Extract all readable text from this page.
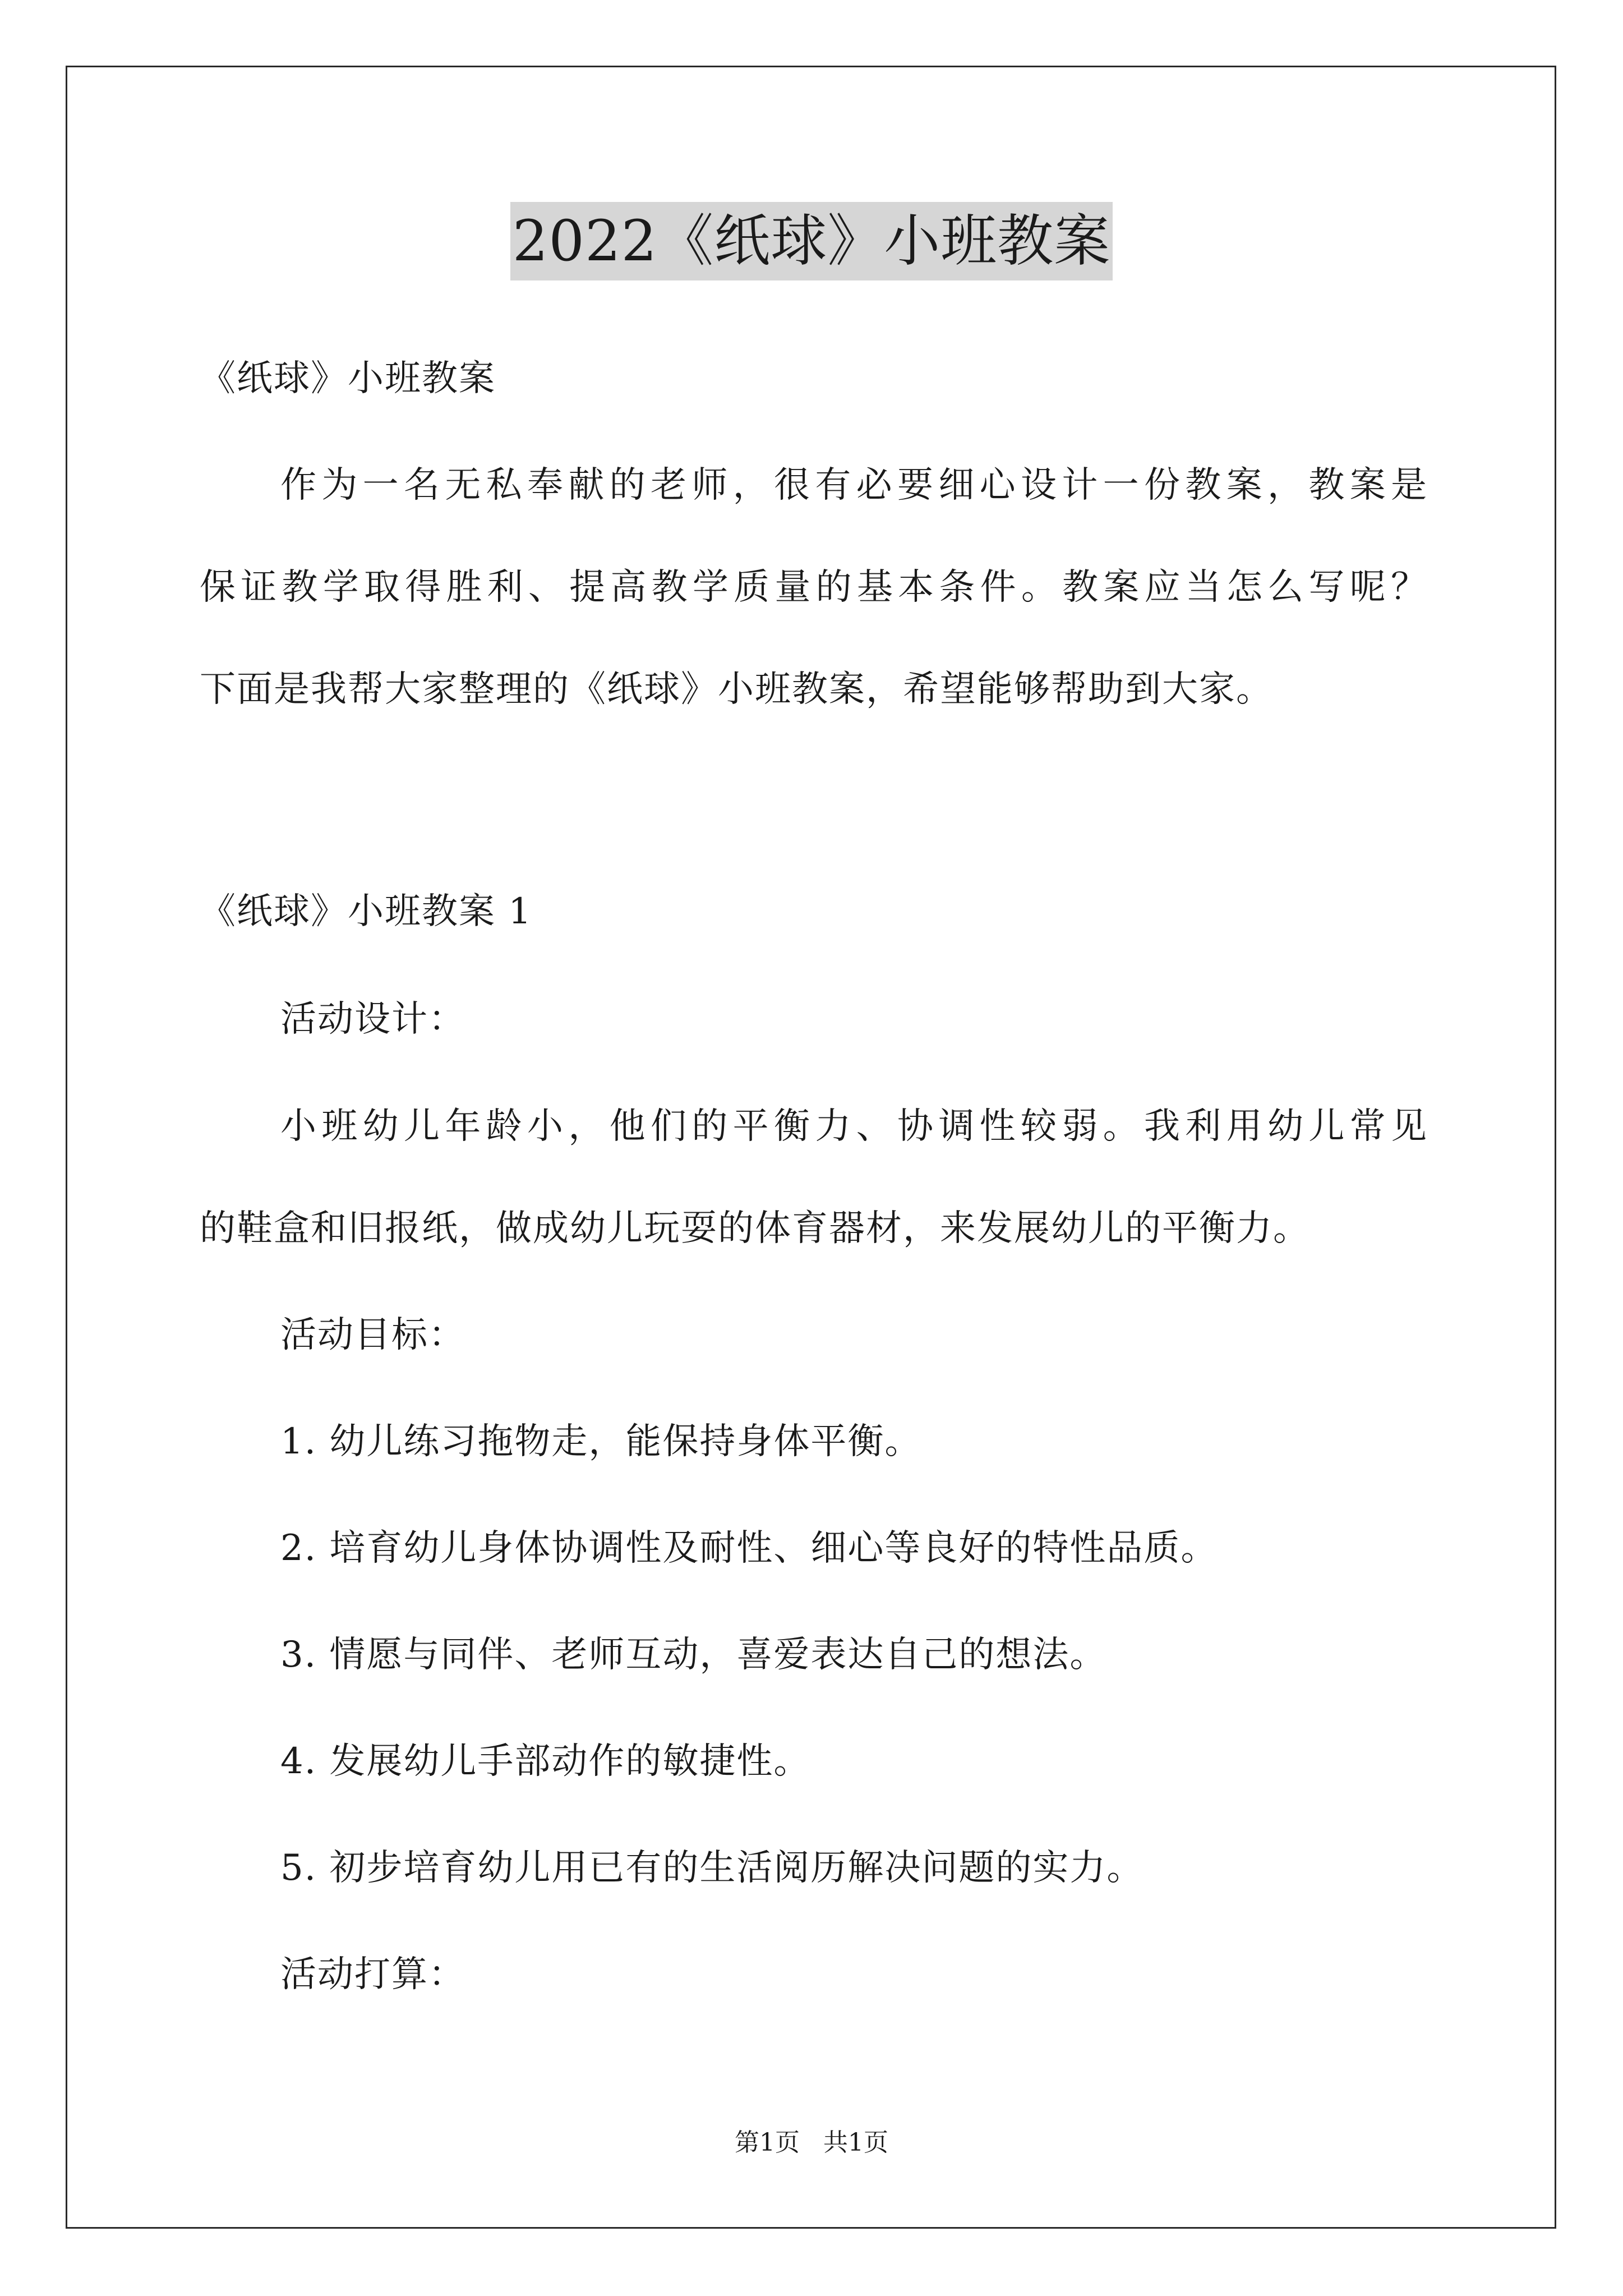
2022《纸球》小班教案
《纸球》小班教案
作为一名无私奉献的老师，很有必要细心设计一份教案，教案是
保证教学取得胜利、提高教学质量的基本条件。教案应当怎么写呢？
下面是我帮大家整理的《纸球》小班教案，希望能够帮助到大家。
《纸球》小班教案 1
活动设计：
小班幼儿年龄小，他们的平衡力、协调性较弱。我利用幼儿常见
的鞋盒和旧报纸，做成幼儿玩耍的体育器材，来发展幼儿的平衡力。
活动目标：
1. 幼儿练习拖物走，能保持身体平衡。
2. 培育幼儿身体协调性及耐性、细心等良好的特性品质。
3. 情愿与同伴、老师互动，喜爱表达自己的想法。
4. 发展幼儿手部动作的敏捷性。
5. 初步培育幼儿用已有的生活阅历解决问题的实力。
活动打算：
第1页   共1页
